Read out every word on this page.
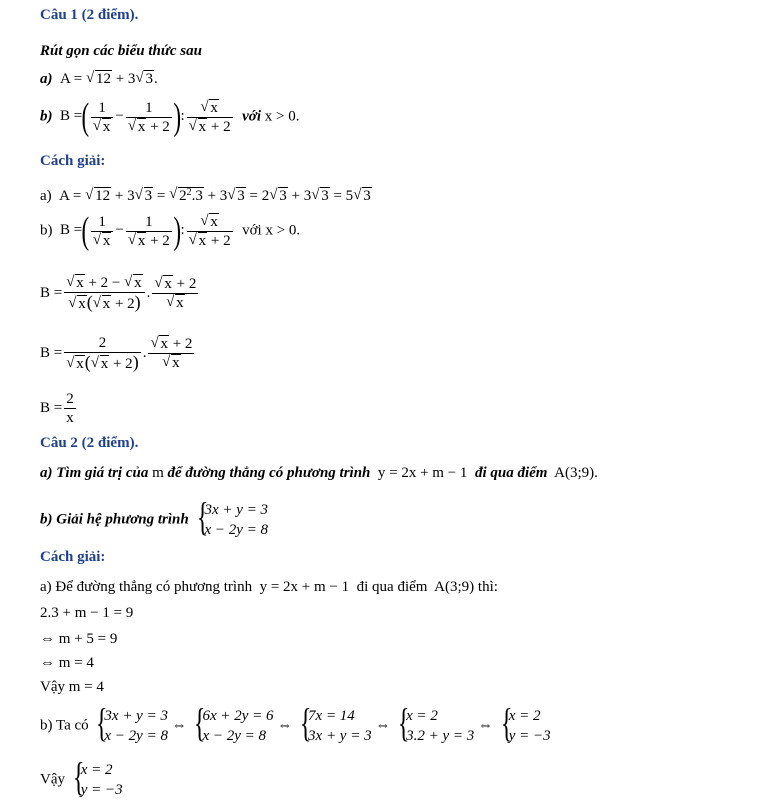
Câu 1 (2 điểm).
Rút gọn các biểu thức sau
a)  A = √ 12 + 3√ 3.
b)  B =( 1
√ x − 1
√ x + 2 ):
√ x
√ x + 2 với x > 0.
Cách giải:
a)  A = √ 12 + 3√ 3 = √ $2^2.3 + 3√$ 3 = 2√ 3 + 3√ 3 = 5√ 3
b)  B =( 1
√ x − 1
√ x + 2 ):
√ x
√ x + 2 với x > 0.
B =
√ x + 2 − √ x
√ x(√ x + 2) .
√ x + 2
√ x
B = 2
√ x(√ x + 2) .
√ x + 2
√ x
$B = \frac{2}{x}$
Câu 2 (2 điểm).
a) Tìm giá trị của m để đường thẳng có phương trình  y = 2x + m − 1  đi qua điểm A(3;9).
b) Giải hệ phương trình
{ 3x + y = 3
x − 2y = 8
Cách giải:
a) Để đường thẳng có phương trình  y = 2x + m − 1  đi qua điểm A(3;9) thì:
2.3 + m − 1 = 9
⇔ m + 5 = 9
⇔ m = 4
Vậy m = 4
b) Ta có
{ 3x + y = 3
x − 2y = 8
⇔
{ 6x + 2y = 6
x − 2y = 8
⇔
{ 7x = 14
3x + y = 3
⇔
{ x = 2
3.2 + y = 3
⇔
{ x = 2
y = −3
Vậy
{ x = 2
y = −3
